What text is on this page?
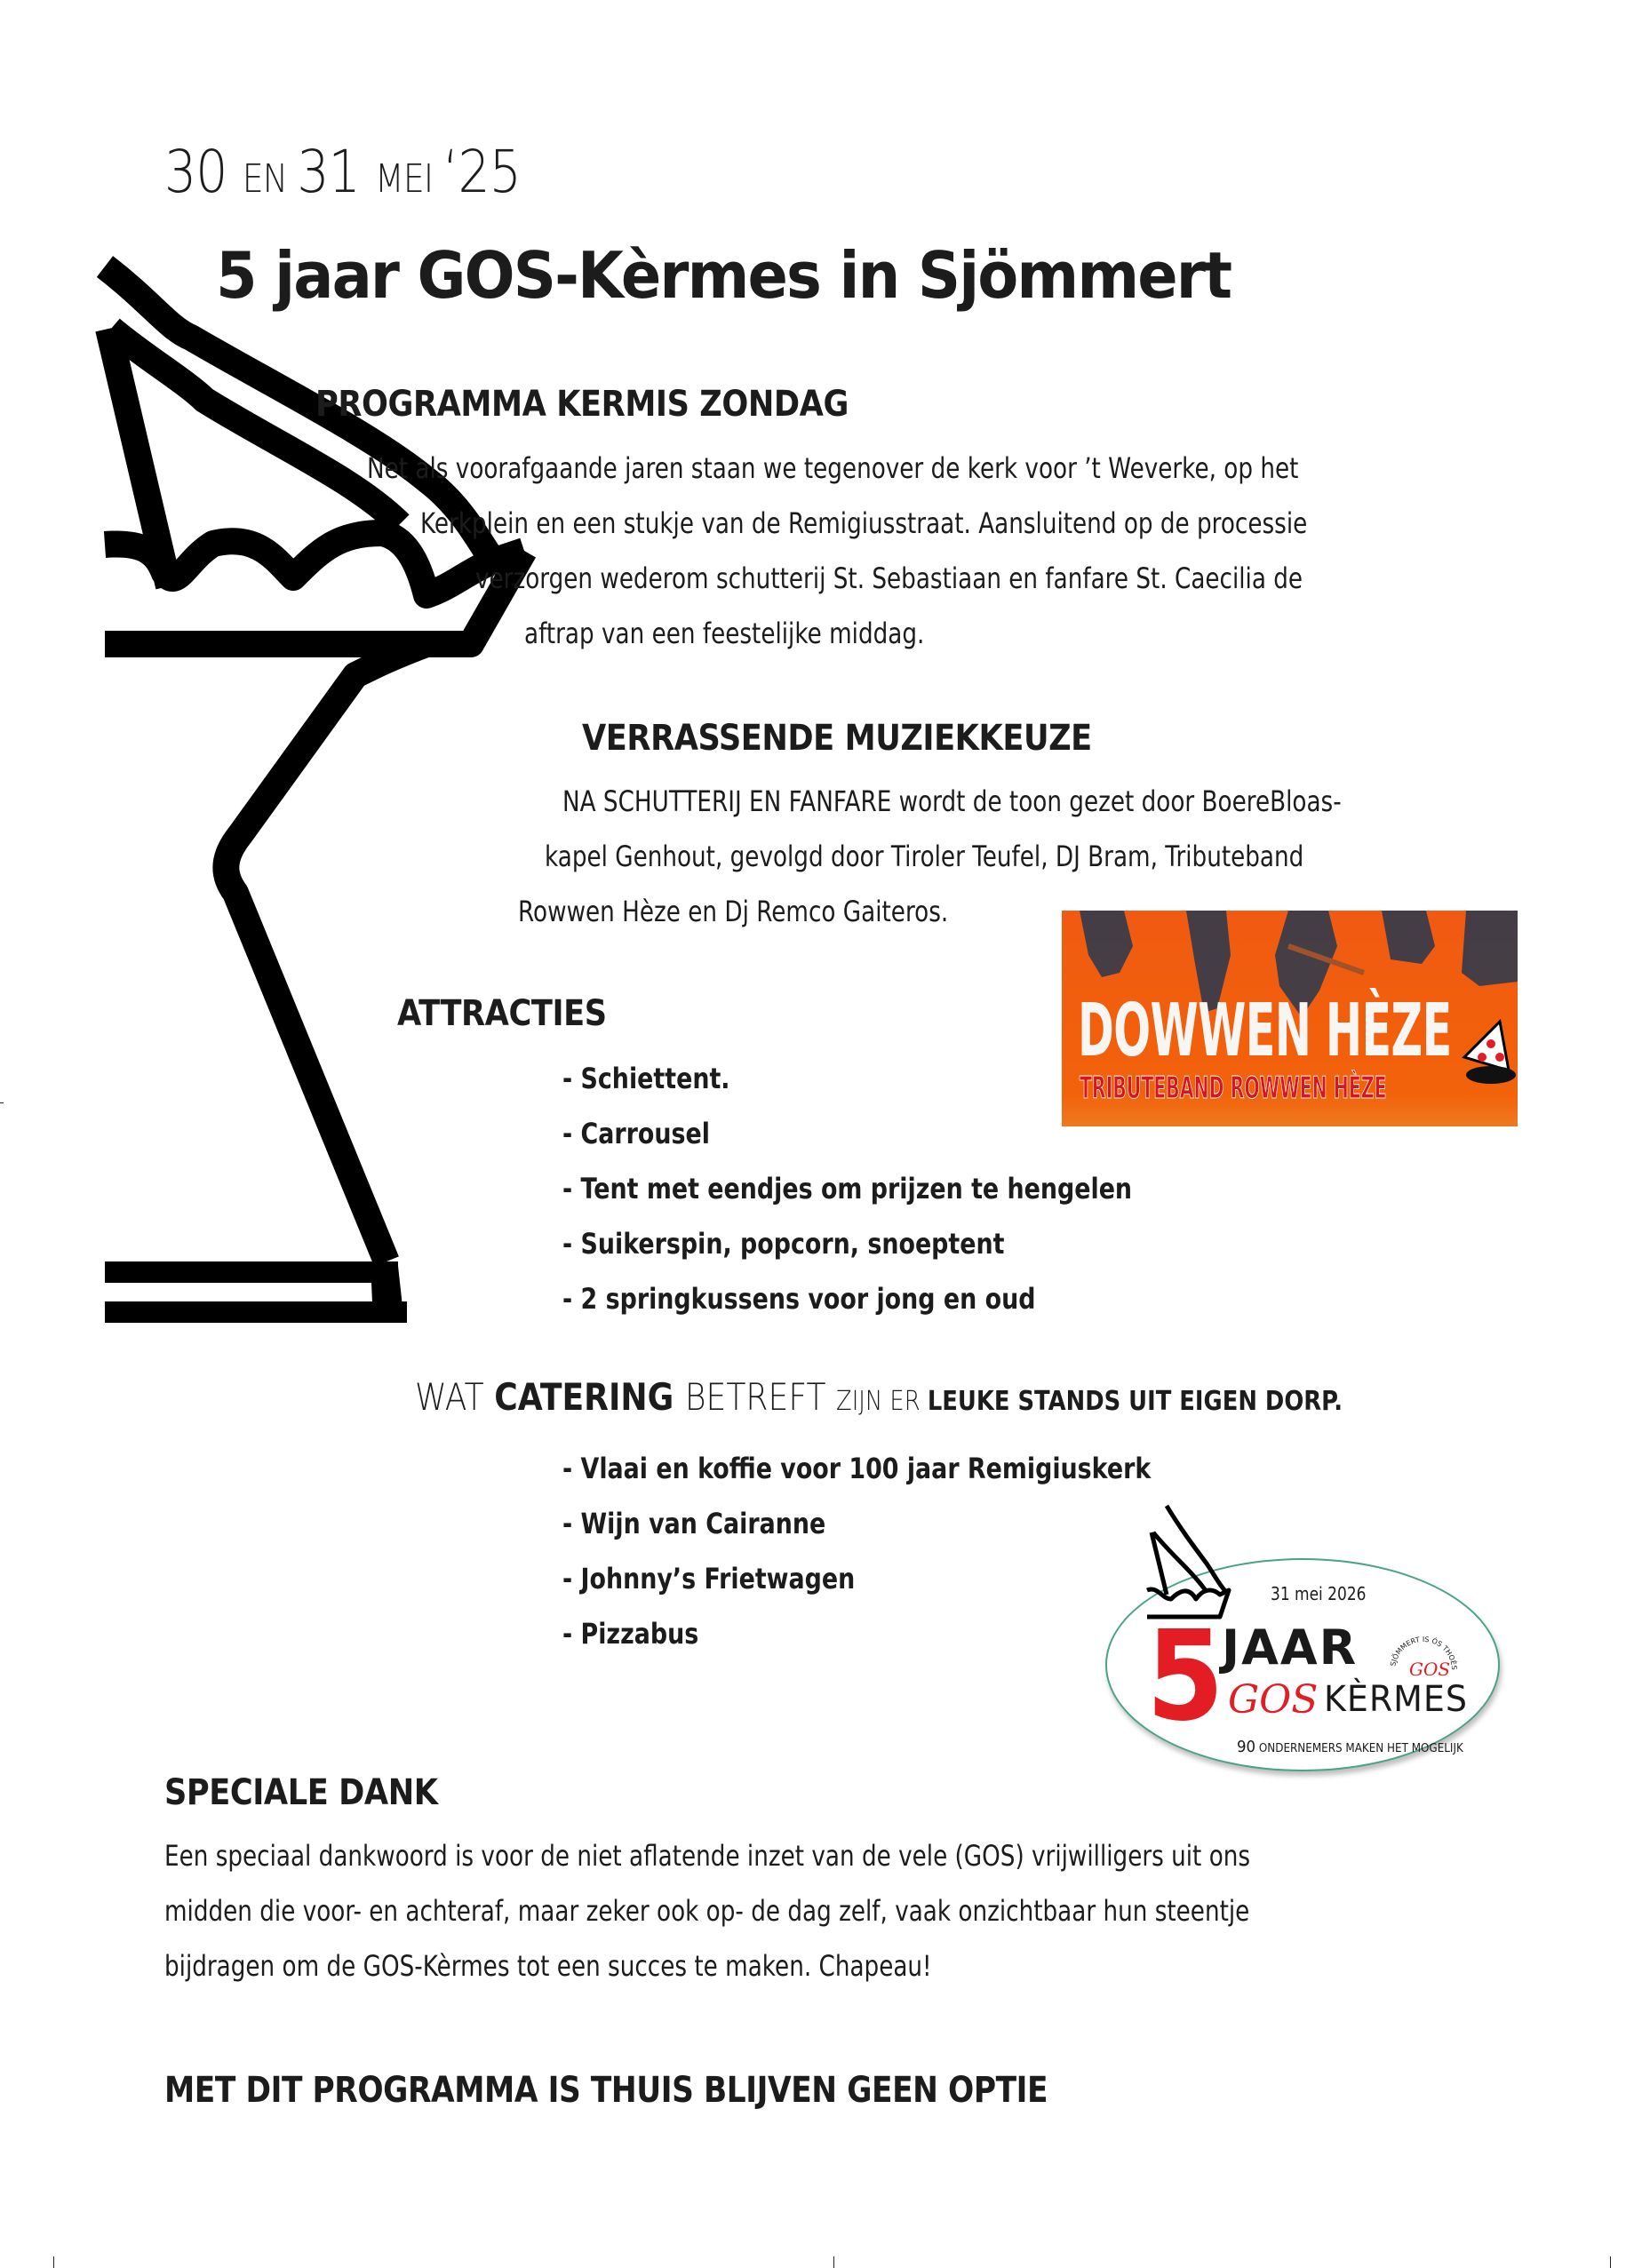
30 EN 31 MEI ‘25
5 jaar GOS-Kèrmes in Sjömmert
PROGRAMMA KERMIS ZONDAG
Net als voorafgaande jaren staan we tegenover de kerk voor ’t Weverke, op het
Kerkplein en een stukje van de Remigiusstraat. Aansluitend op de processie
verzorgen wederom schutterij St. Sebastiaan en fanfare St. Caecilia de
aftrap van een feestelijke middag.
VERRASSENDE MUZIEKKEUZE
NA SCHUTTERIJ EN FANFARE wordt de toon gezet door BoereBloas-
kapel Genhout, gevolgd door Tiroler Teufel, DJ Bram, Tributeband
Rowwen Hèze en Dj Remco Gaiteros.
DOWWEN HÈZE
TRIBUTEBAND ROWWEN HÈZE
ATTRACTIES
- Schiettent.
- Carrousel
- Tent met eendjes om prijzen te hengelen
- Suikerspin, popcorn, snoeptent
- 2 springkussens voor jong en oud
WAT CATERING BETREFT ZIJN ER LEUKE STANDS UIT EIGEN DORP.
- Vlaai en koffie voor 100 jaar Remigiuskerk
- Wijn van Cairanne
- Johnny’s Frietwagen
- Pizzabus
31 mei 2026
5
JAAR
GOS KÈRMES
90 ONDERNEMERS MAKEN HET MOGELIJK
SJÖMMERT IS ÓS THOÈS
GOS
SPECIALE DANK
Een speciaal dankwoord is voor de niet aflatende inzet van de vele (GOS) vrijwilligers uit ons
midden die voor- en achteraf, maar zeker ook op- de dag zelf, vaak onzichtbaar hun steentje
bijdragen om de GOS-Kèrmes tot een succes te maken. Chapeau!
MET DIT PROGRAMMA IS THUIS BLIJVEN GEEN OPTIE
